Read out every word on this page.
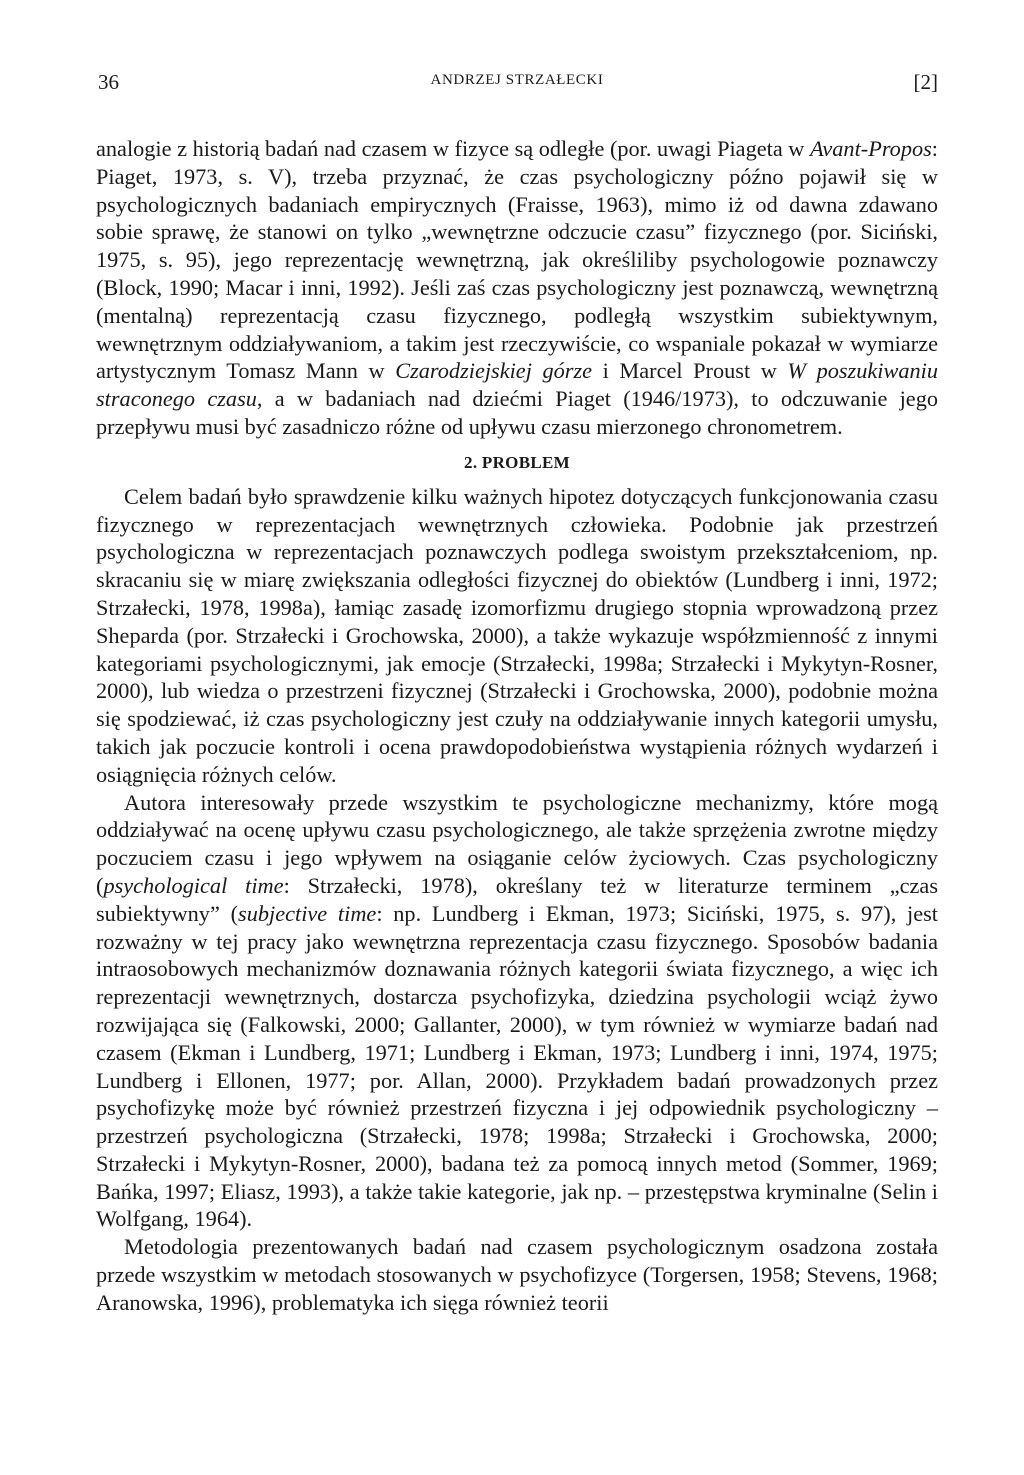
36	ANDRZEJ STRZAŁECKI	[2]

analogie z historią badań nad czasem w fizyce są odległe (por. uwagi Piageta w Avant-Propos: Piaget, 1973, s. V), trzeba przyznać, że czas psychologiczny późno pojawił się w psychologicznych badaniach empirycznych (Fraisse, 1963), mimo iż od dawna zdawano sobie sprawę, że stanowi on tylko „wewnętrzne odczucie czasu” fizycznego (por. Siciński, 1975, s. 95), jego reprezentację wewnętrzną, jak określiliby psychologowie poznawczy (Block, 1990; Macar i inni, 1992). Jeśli zaś czas psychologiczny jest poznawczą, wewnętrzną (mentalną) reprezentacją czasu fizycznego, podległą wszystkim subiektywnym, wewnętrznym oddziaływaniom, a takim jest rzeczywiście, co wspaniale pokazał w wymiarze artystycznym Tomasz Mann w Czarodziejskiej górze i Marcel Proust w W poszukiwaniu straconego czasu, a w badaniach nad dziećmi Piaget (1946/1973), to odczuwanie jego przepływu musi być zasadniczo różne od upływu czasu mierzonego chronometrem.

2. PROBLEM

Celem badań było sprawdzenie kilku ważnych hipotez dotyczących funkcjonowania czasu fizycznego w reprezentacjach wewnętrznych człowieka. Podobnie jak przestrzeń psychologiczna w reprezentacjach poznawczych podlega swoistym przekształceniom, np. skracaniu się w miarę zwiększania odległości fizycznej do obiektów (Lundberg i inni, 1972; Strzałecki, 1978, 1998a), łamiąc zasadę izomorfizmu drugiego stopnia wprowadzoną przez Sheparda (por. Strzałecki i Grochowska, 2000), a także wykazuje współzmienność z innymi kategoriami psychologicznymi, jak emocje (Strzałecki, 1998a; Strzałecki i Mykytyn-Rosner, 2000), lub wiedza o przestrzeni fizycznej (Strzałecki i Grochowska, 2000), podobnie można się spodziewać, iż czas psychologiczny jest czuły na oddziaływanie innych kategorii umysłu, takich jak poczucie kontroli i ocena prawdopodobieństwa wystąpienia różnych wydarzeń i osiągnięcia różnych celów.

Autora interesowały przede wszystkim te psychologiczne mechanizmy, które mogą oddziaływać na ocenę upływu czasu psychologicznego, ale także sprzężenia zwrotne między poczuciem czasu i jego wpływem na osiąganie celów życiowych. Czas psychologiczny (psychological time: Strzałecki, 1978), określany też w literaturze terminem „czas subiektywny” (subjective time: np. Lundberg i Ekman, 1973; Siciński, 1975, s. 97), jest rozważny w tej pracy jako wewnętrzna reprezentacja czasu fizycznego. Sposobów badania intraosobowych mechanizmów doznawania różnych kategorii świata fizycznego, a więc ich reprezentacji wewnętrznych, dostarcza psychofizyka, dziedzina psychologii wciąż żywo rozwijająca się (Falkowski, 2000; Gallanter, 2000), w tym również w wymiarze badań nad czasem (Ekman i Lundberg, 1971; Lundberg i Ekman, 1973; Lundberg i inni, 1974, 1975; Lundberg i Ellonen, 1977; por. Allan, 2000). Przykładem badań prowadzonych przez psychofizykę może być również przestrzeń fizyczna i jej odpowiednik psychologiczny – przestrzeń psychologiczna (Strzałecki, 1978; 1998a; Strzałecki i Grochowska, 2000; Strzałecki i Mykytyn-Rosner, 2000), badana też za pomocą innych metod (Sommer, 1969; Bańka, 1997; Eliasz, 1993), a także takie kategorie, jak np. – przestępstwa kryminalne (Selin i Wolfgang, 1964).

Metodologia prezentowanych badań nad czasem psychologicznym osadzona została przede wszystkim w metodach stosowanych w psychofizyce (Torgersen, 1958; Stevens, 1968; Aranowska, 1996), problematyka ich sięga również teorii
